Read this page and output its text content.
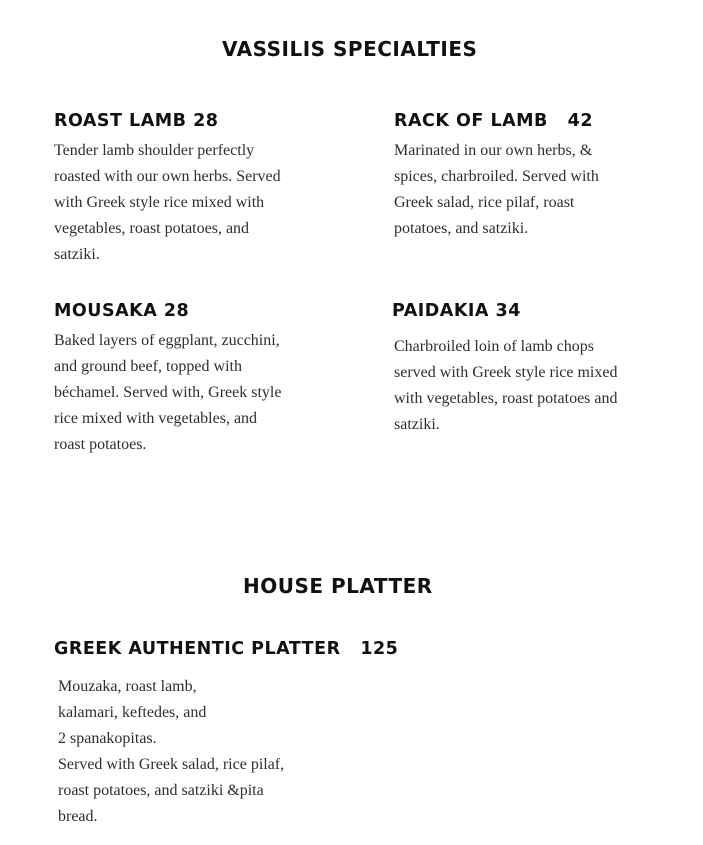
VASSILIS SPECIALTIES
ROAST LAMB 28
Tender lamb shoulder perfectly
roasted with our own herbs. Served
with Greek style rice mixed with
vegetables, roast potatoes, and
satziki.
RACK OF LAMB   42
Marinated in our own herbs, &
spices, charbroiled. Served with
Greek salad, rice pilaf, roast
potatoes, and satziki.
MOUSAKA 28
Baked layers of eggplant, zucchini,
and ground beef, topped with
béchamel. Served with, Greek style
rice mixed with vegetables, and
roast potatoes.
PAIDAKIA 34
Charbroiled loin of lamb chops
served with Greek style rice mixed
with vegetables, roast potatoes and
satziki.
HOUSE PLATTER
GREEK AUTHENTIC PLATTER   125
Mouzaka, roast lamb,
kalamari, keftedes, and
2 spanakopitas.
Served with Greek salad, rice pilaf,
roast potatoes, and satziki &pita
bread.
